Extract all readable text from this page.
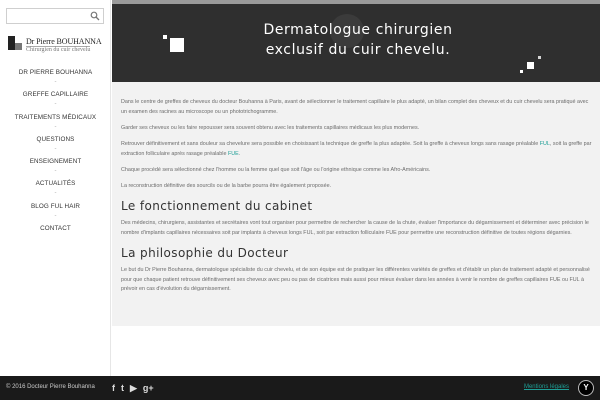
Dr Pierre BOUHANNA
Chirurgien du cuir chevelu
DR PIERRE BOUHANNA
-
GREFFE CAPILLAIRE
-
TRAITEMENTS MÉDICAUX
-
QUESTIONS
-
ENSEIGNEMENT
-
ACTUALITÉS
-
BLOG FUL HAIR
-
CONTACT
Dermatologue chirurgien
exclusif du cuir chevelu.

Dans le centre de greffes de cheveux du docteur Bouhanna à Paris, avant de sélectionner le traitement capillaire le plus adapté, un bilan complet des cheveux et du cuir chevelu sera pratiqué avec un examen des racines au microscope ou un phototrichogramme.

Garder ses cheveux ou les faire repousser sera souvent obtenu avec les traitements capillaires médicaux les plus modernes.

Retrouver définitivement et sans douleur sa chevelure sera possible en choisissant la technique de greffe la plus adaptée. Soit la greffe à cheveux longs sans rasage préalable FUL, soit la greffe par extraction folliculaire après rasage préalable FUE.

Chaque procédé sera sélectionné chez l'homme ou la femme quel que soit l'âge ou l'origine ethnique comme les Afro-Américains.

La reconstruction définitive des sourcils ou de la barbe pourra être également proposée.

Le fonctionnement du cabinet

Des médecins, chirurgiens, assistantes et secrétaires vont tout organiser pour permettre de rechercher la cause de la chute, évaluer l'importance du dégarnissement et déterminer avec précision le nombre d'implants capillaires nécessaires soit par implants à cheveux longs FUL, soit par extraction folliculaire FUE pour permettre une reconstruction définitive de toutes régions dégarnies.

La philosophie du Docteur

Le but du Dr Pierre Bouhanna, dermatologue spécialiste du cuir chevelu, et de son équipe est de pratiquer les différentes variétés de greffes et d'établir un plan de traitement adapté et personnalisé pour que chaque patient retrouve définitivement ses cheveux avec peu ou pas de cicatrices mais aussi pour mieux évaluer dans les années à venir le nombre de greffes capillaires FUE ou FUL à prévoir en cas d'évolution du dégarnissement.

© 2016 Docteur Pierre Bouhanna f t ▶ g+	Mentions légales	Y
